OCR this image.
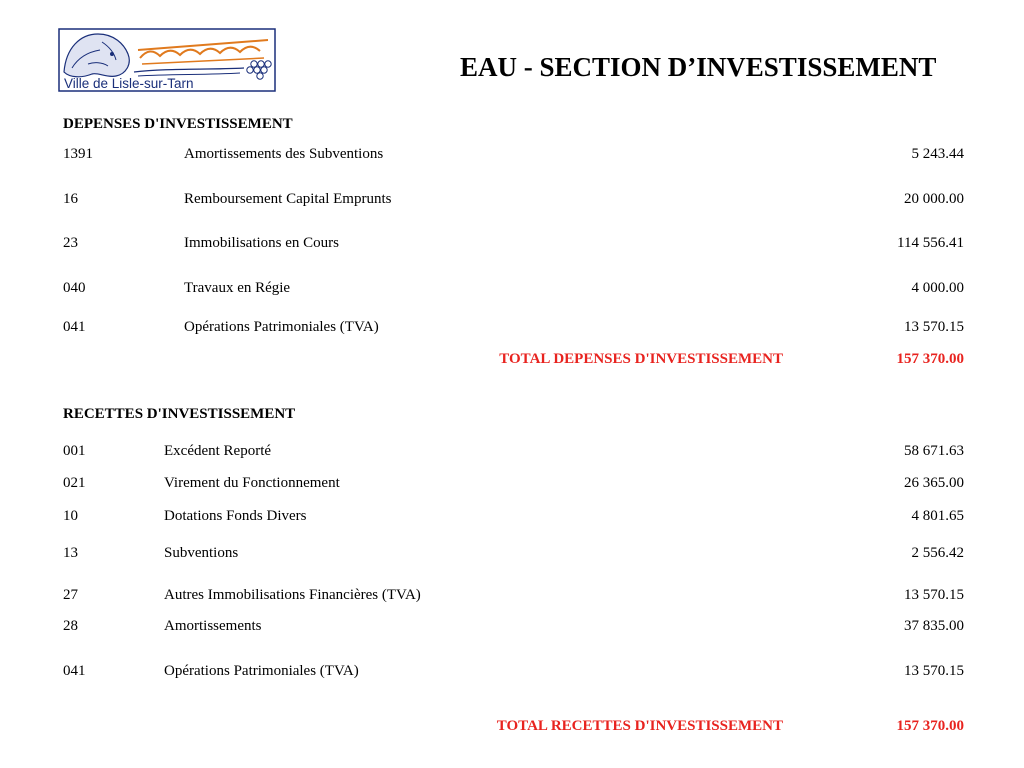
Ville de Lisle-sur-Tarn
EAU - SECTION D’INVESTISSEMENT
DEPENSES D'INVESTISSEMENT
1391	Amortissements des Subventions	5 243.44
16	Remboursement Capital Emprunts	20 000.00
23	Immobilisations en Cours	114 556.41
040	Travaux en Régie	4 000.00
041	Opérations Patrimoniales (TVA)	13 570.15
TOTAL DEPENSES D'INVESTISSEMENT	157 370.00
RECETTES D'INVESTISSEMENT
001	Excédent Reporté	58 671.63
021	Virement du Fonctionnement	26 365.00
10	Dotations Fonds Divers	4 801.65
13	Subventions	2 556.42
27	Autres Immobilisations Financières (TVA)	13 570.15
28	Amortissements	37 835.00
041	Opérations Patrimoniales (TVA)	13 570.15
TOTAL RECETTES D'INVESTISSEMENT	157 370.00
